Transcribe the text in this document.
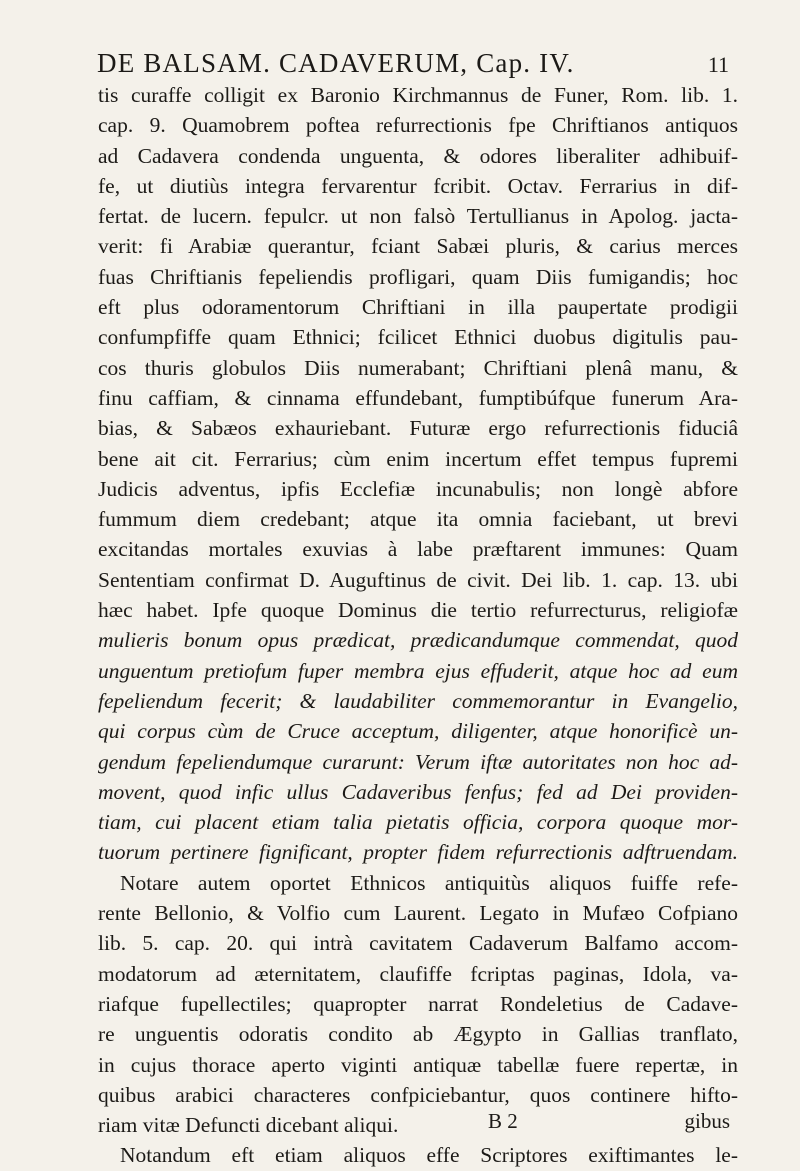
DE BALSAM. CADAVERUM, Cap. IV.	11
tis curaffe colligit ex Baronio Kirchmannus de Funer, Rom. lib. 1.
cap. 9. Quamobrem poftea refurrectionis fpe Chriftianos antiquos
ad Cadavera condenda unguenta, & odores liberaliter adhibuif-
fe, ut diutiùs integra fervarentur fcribit. Octav. Ferrarius in dif-
fertat. de lucern. fepulcr. ut non falsò Tertullianus in Apolog. jacta-
verit: fi Arabiæ querantur, fciant Sabæi pluris, & carius merces
fuas Chriftianis fepeliendis profligari, quam Diis fumigandis; hoc
eft plus odoramentorum Chriftiani in illa paupertate prodigii
confumpfiffe quam Ethnici; fcilicet Ethnici duobus digitulis pau-
cos thuris globulos Diis numerabant; Chriftiani plenâ manu, &
finu caffiam, & cinnama effundebant, fumptibúfque funerum Ara-
bias, & Sabæos exhauriebant. Futuræ ergo refurrectionis fiduciâ
bene ait cit. Ferrarius; cùm enim incertum effet tempus fupremi
Judicis adventus, ipfis Ecclefiæ incunabulis; non longè abfore
fummum diem credebant; atque ita omnia faciebant, ut brevi
excitandas mortales exuvias à labe præftarent immunes: Quam
Sententiam confirmat D. Auguftinus de civit. Dei lib. 1. cap. 13. ubi
hæc habet. Ipfe quoque Dominus die tertio refurrecturus, religiofæ
mulieris bonum opus prædicat, prædicandumque commendat, quod
unguentum pretiofum fuper membra ejus effuderit, atque hoc ad eum
fepeliendum fecerit; & laudabiliter commemorantur in Evangelio,
qui corpus cùm de Cruce acceptum, diligenter, atque honorificè un-
gendum fepeliendumque curarunt: Verum iftæ autoritates non hoc ad-
movent, quod infic ullus Cadaveribus fenfus; fed ad Dei providen-
tiam, cui placent etiam talia pietatis officia, corpora quoque mor-
tuorum pertinere fignificant, propter fidem refurrectionis adftruendam.
Notare autem oportet Ethnicos antiquitùs aliquos fuiffe refe-
rente Bellonio, & Volfio cum Laurent. Legato in Mufæo Cofpiano
lib. 5. cap. 20. qui intrà cavitatem Cadaverum Balfamo accom-
modatorum ad æternitatem, claufiffe fcriptas paginas, Idola, va-
riafque fupellectiles; quapropter narrat Rondeletius de Cadave-
re unguentis odoratis condito ab Ægypto in Gallias tranflato,
in cujus thorace aperto viginti antiquæ tabellæ fuere repertæ, in
quibus arabici characteres confpiciebantur, quos continere hifto-
riam vitæ Defuncti dicebant aliqui.
Notandum eft etiam aliquos effe Scriptores exiftimantes le-
B 2	gibus
